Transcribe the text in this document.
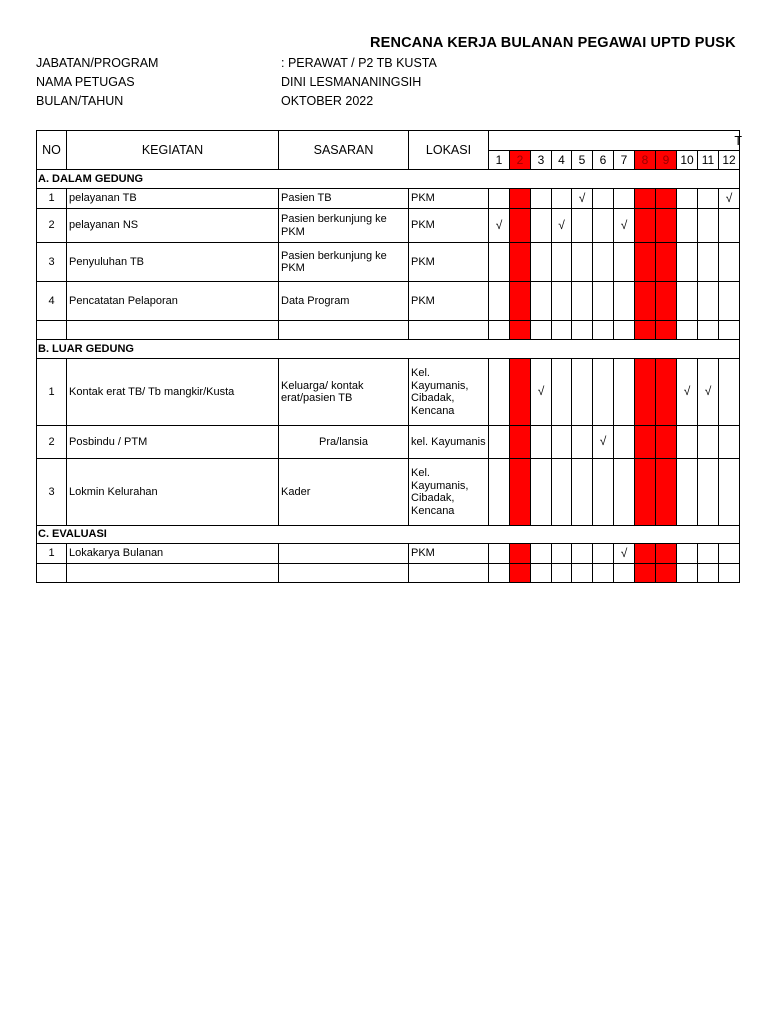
RENCANA KERJA BULANAN PEGAWAI UPTD PUSK
JABATAN/PROGRAM	: PERAWAT / P2 TB KUSTA
NAMA PETUGAS	DINI LESMANANINGSIH
BULAN/TAHUN	OKTOBER 2022
NO	KEGIATAN	SASARAN	LOKASI	T											
				1	2	3	4	5	6	7	8	9	10	11	12
A. DALAM GEDUNG															
1	pelayanan TB	Pasien TB	PKM					√							√
2	pelayanan NS	Pasien berkunjung ke PKM	PKM	√			√			√					
3	Penyuluhan TB	Pasien berkunjung ke PKM	PKM												
4	Pencatatan Pelaporan	Data Program	PKM												

B. LUAR GEDUNG															
1	Kontak erat TB/ Tb mangkir/Kusta	Keluarga/ kontak erat/pasien TB	Kel. Kayumanis, Cibadak, Kencana			√							√	√	
2	Posbindu / PTM	Pra/lansia	kel. Kayumanis						√						
3	Lokmin Kelurahan	Kader	Kel. Kayumanis, Cibadak, Kencana												
C. EVALUASI															
1	Lokakarya Bulanan		PKM							√					
